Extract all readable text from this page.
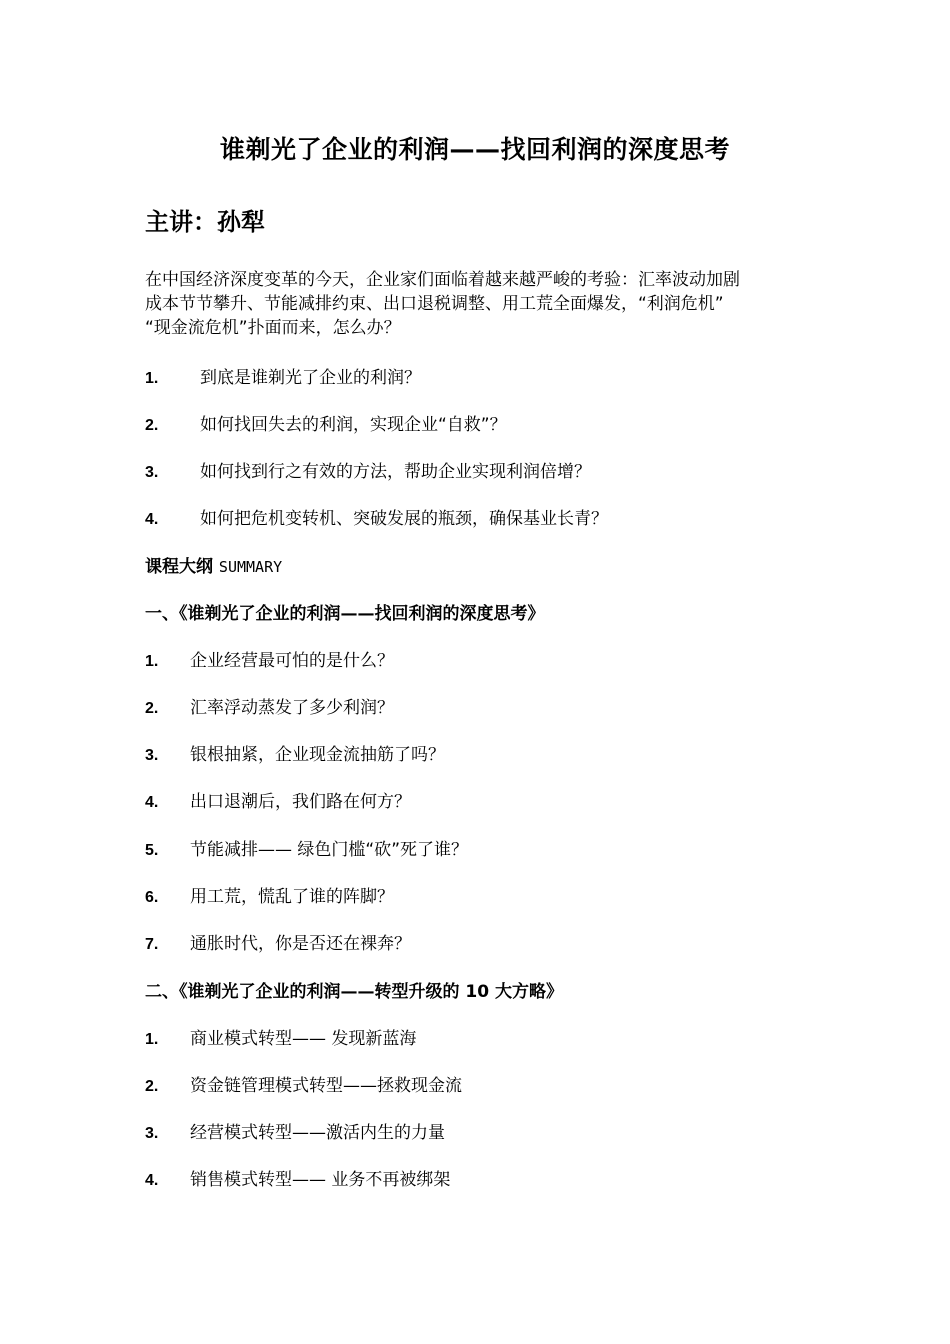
谁剃光了企业的利润——找回利润的深度思考
主讲：孙犁
在中国经济深度变革的今天，企业家们面临着越来越严峻的考验：汇率波动加剧
成本节节攀升、节能减排约束、出口退税调整、用工荒全面爆发，“利润危机”
“现金流危机”扑面而来，怎么办？
1. 到底是谁剃光了企业的利润？
2. 如何找回失去的利润，实现企业“自救”？
3. 如何找到行之有效的方法，帮助企业实现利润倍增？
4. 如何把危机变转机、突破发展的瓶颈，确保基业长青？
课程大纲 SUMMARY
一、《谁剃光了企业的利润——找回利润的深度思考》
1. 企业经营最可怕的是什么？
2. 汇率浮动蒸发了多少利润？
3. 银根抽紧，企业现金流抽筋了吗？
4. 出口退潮后，我们路在何方？
5. 节能减排—— 绿色门槛“砍”死了谁？
6. 用工荒，慌乱了谁的阵脚？
7. 通胀时代，你是否还在裸奔？
二、《谁剃光了企业的利润——转型升级的 10 大方略》
1. 商业模式转型—— 发现新蓝海
2. 资金链管理模式转型——拯救现金流
3. 经营模式转型——激活内生的力量
4. 销售模式转型—— 业务不再被绑架
